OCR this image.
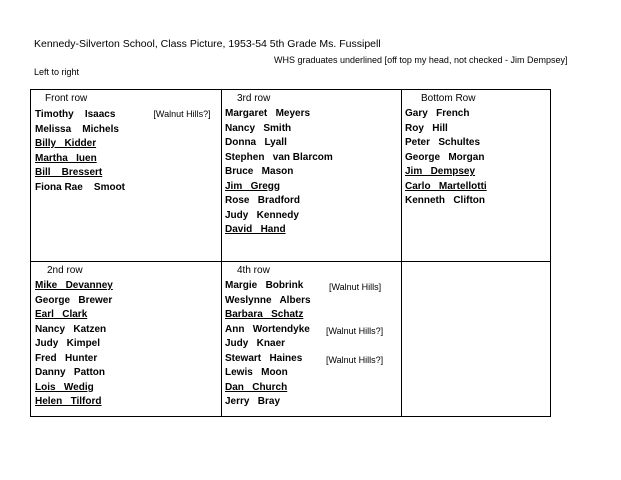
Kennedy-Silverton School, Class Picture, 1953-54 5th Grade Ms. Fussipell
WHS graduates underlined [off top my head, not checked - Jim Dempsey]
Left to right
Front row
Timothy    Isaacs	[Walnut Hills?]
Melissa    Michels
Billy   Kidder
Martha   Iuen
Bill    Bressert
Fiona Rae    Smoot
3rd row
Margaret   Meyers
Nancy   Smith
Donna   Lyall
Stephen   van Blarcom
Bruce   Mason
Jim   Gregg
Rose   Bradford
Judy   Kennedy
David   Hand
Bottom Row
Gary   French
Roy   Hill
Peter   Schultes
George   Morgan
Jim   Dempsey
Carlo   Martellotti
Kenneth   Clifton
2nd row
Mike   Devanney
George   Brewer
Earl   Clark
Nancy   Katzen
Judy   Kimpel
Fred   Hunter
Danny   Patton
Lois   Wedig
Helen   Tilford
4th row
Margie   Bobrink	[Walnut Hills]
Weslynne   Albers
Barbara   Schatz
Ann   Wortendyke [Walnut Hills?]
Judy   Knaer
Stewart   Haines	[Walnut Hills?]
Lewis   Moon
Dan   Church
Jerry   Bray
